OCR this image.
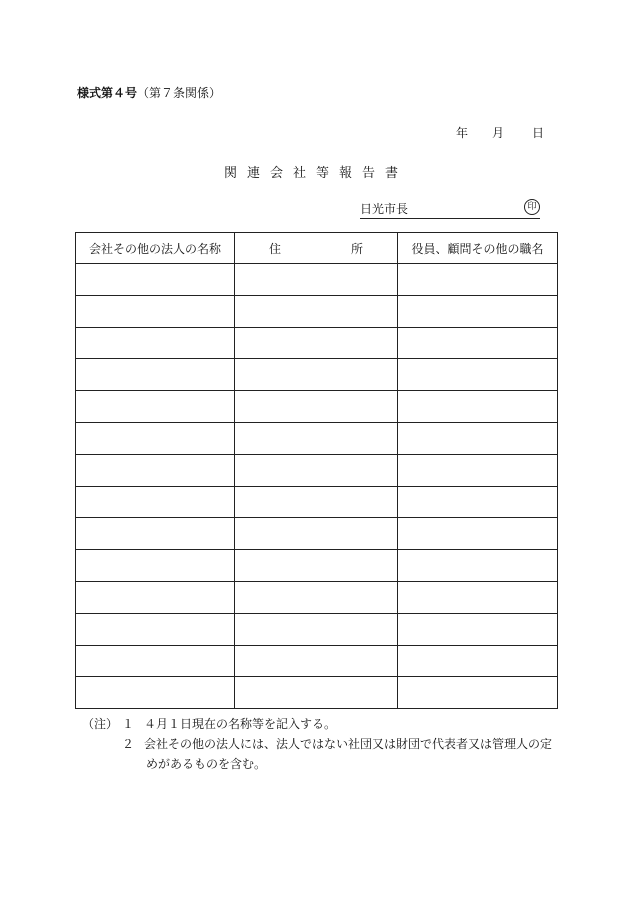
様式第４号（第７条関係）
年 月 日
関連会社等報告書
日光市長	印
会社その他の法人の名称	住 所	役員、顧問その他の職名

（注） １ ４月１日現在の名称等を記入する。
２ 会社その他の法人には、法人ではない社団又は財団で代表者又は管理人の定
めがあるものを含む。
